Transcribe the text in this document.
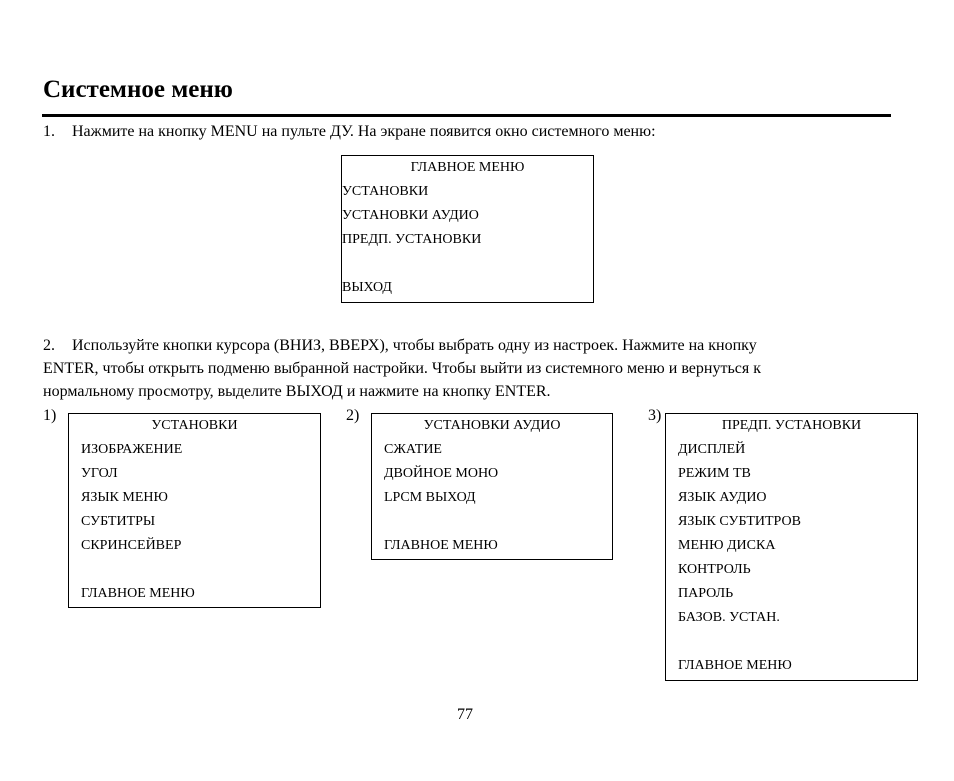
Системное меню
1. Нажмите на кнопку MENU на пульте ДУ. На экране появится окно системного меню:
ГЛАВНОЕ МЕНЮ
УСТАНОВКИ
УСТАНОВКИ АУДИО
ПРЕДП. УСТАНОВКИ
ВЫХОД
2. Используйте кнопки курсора (ВНИЗ, ВВЕРХ), чтобы выбрать одну из настроек. Нажмите на кнопку
ENTER, чтобы открыть подменю выбранной настройки. Чтобы выйти из системного меню и вернуться к
нормальному просмотру, выделите ВЫХОД и нажмите на кнопку ENTER.
1)
УСТАНОВКИ
ИЗОБРАЖЕНИЕ
УГОЛ
ЯЗЫК МЕНЮ
СУБТИТРЫ
СКРИНСЕЙВЕР
ГЛАВНОЕ МЕНЮ
2)
УСТАНОВКИ АУДИО
СЖАТИЕ
ДВОЙНОЕ МОНО
LPCM ВЫХОД
ГЛАВНОЕ МЕНЮ
3)
ПРЕДП. УСТАНОВКИ
ДИСПЛЕЙ
РЕЖИМ ТВ
ЯЗЫК АУДИО
ЯЗЫК СУБТИТРОВ
МЕНЮ ДИСКА
КОНТРОЛЬ
ПАРОЛЬ
БАЗОВ. УСТАН.
ГЛАВНОЕ МЕНЮ
77
